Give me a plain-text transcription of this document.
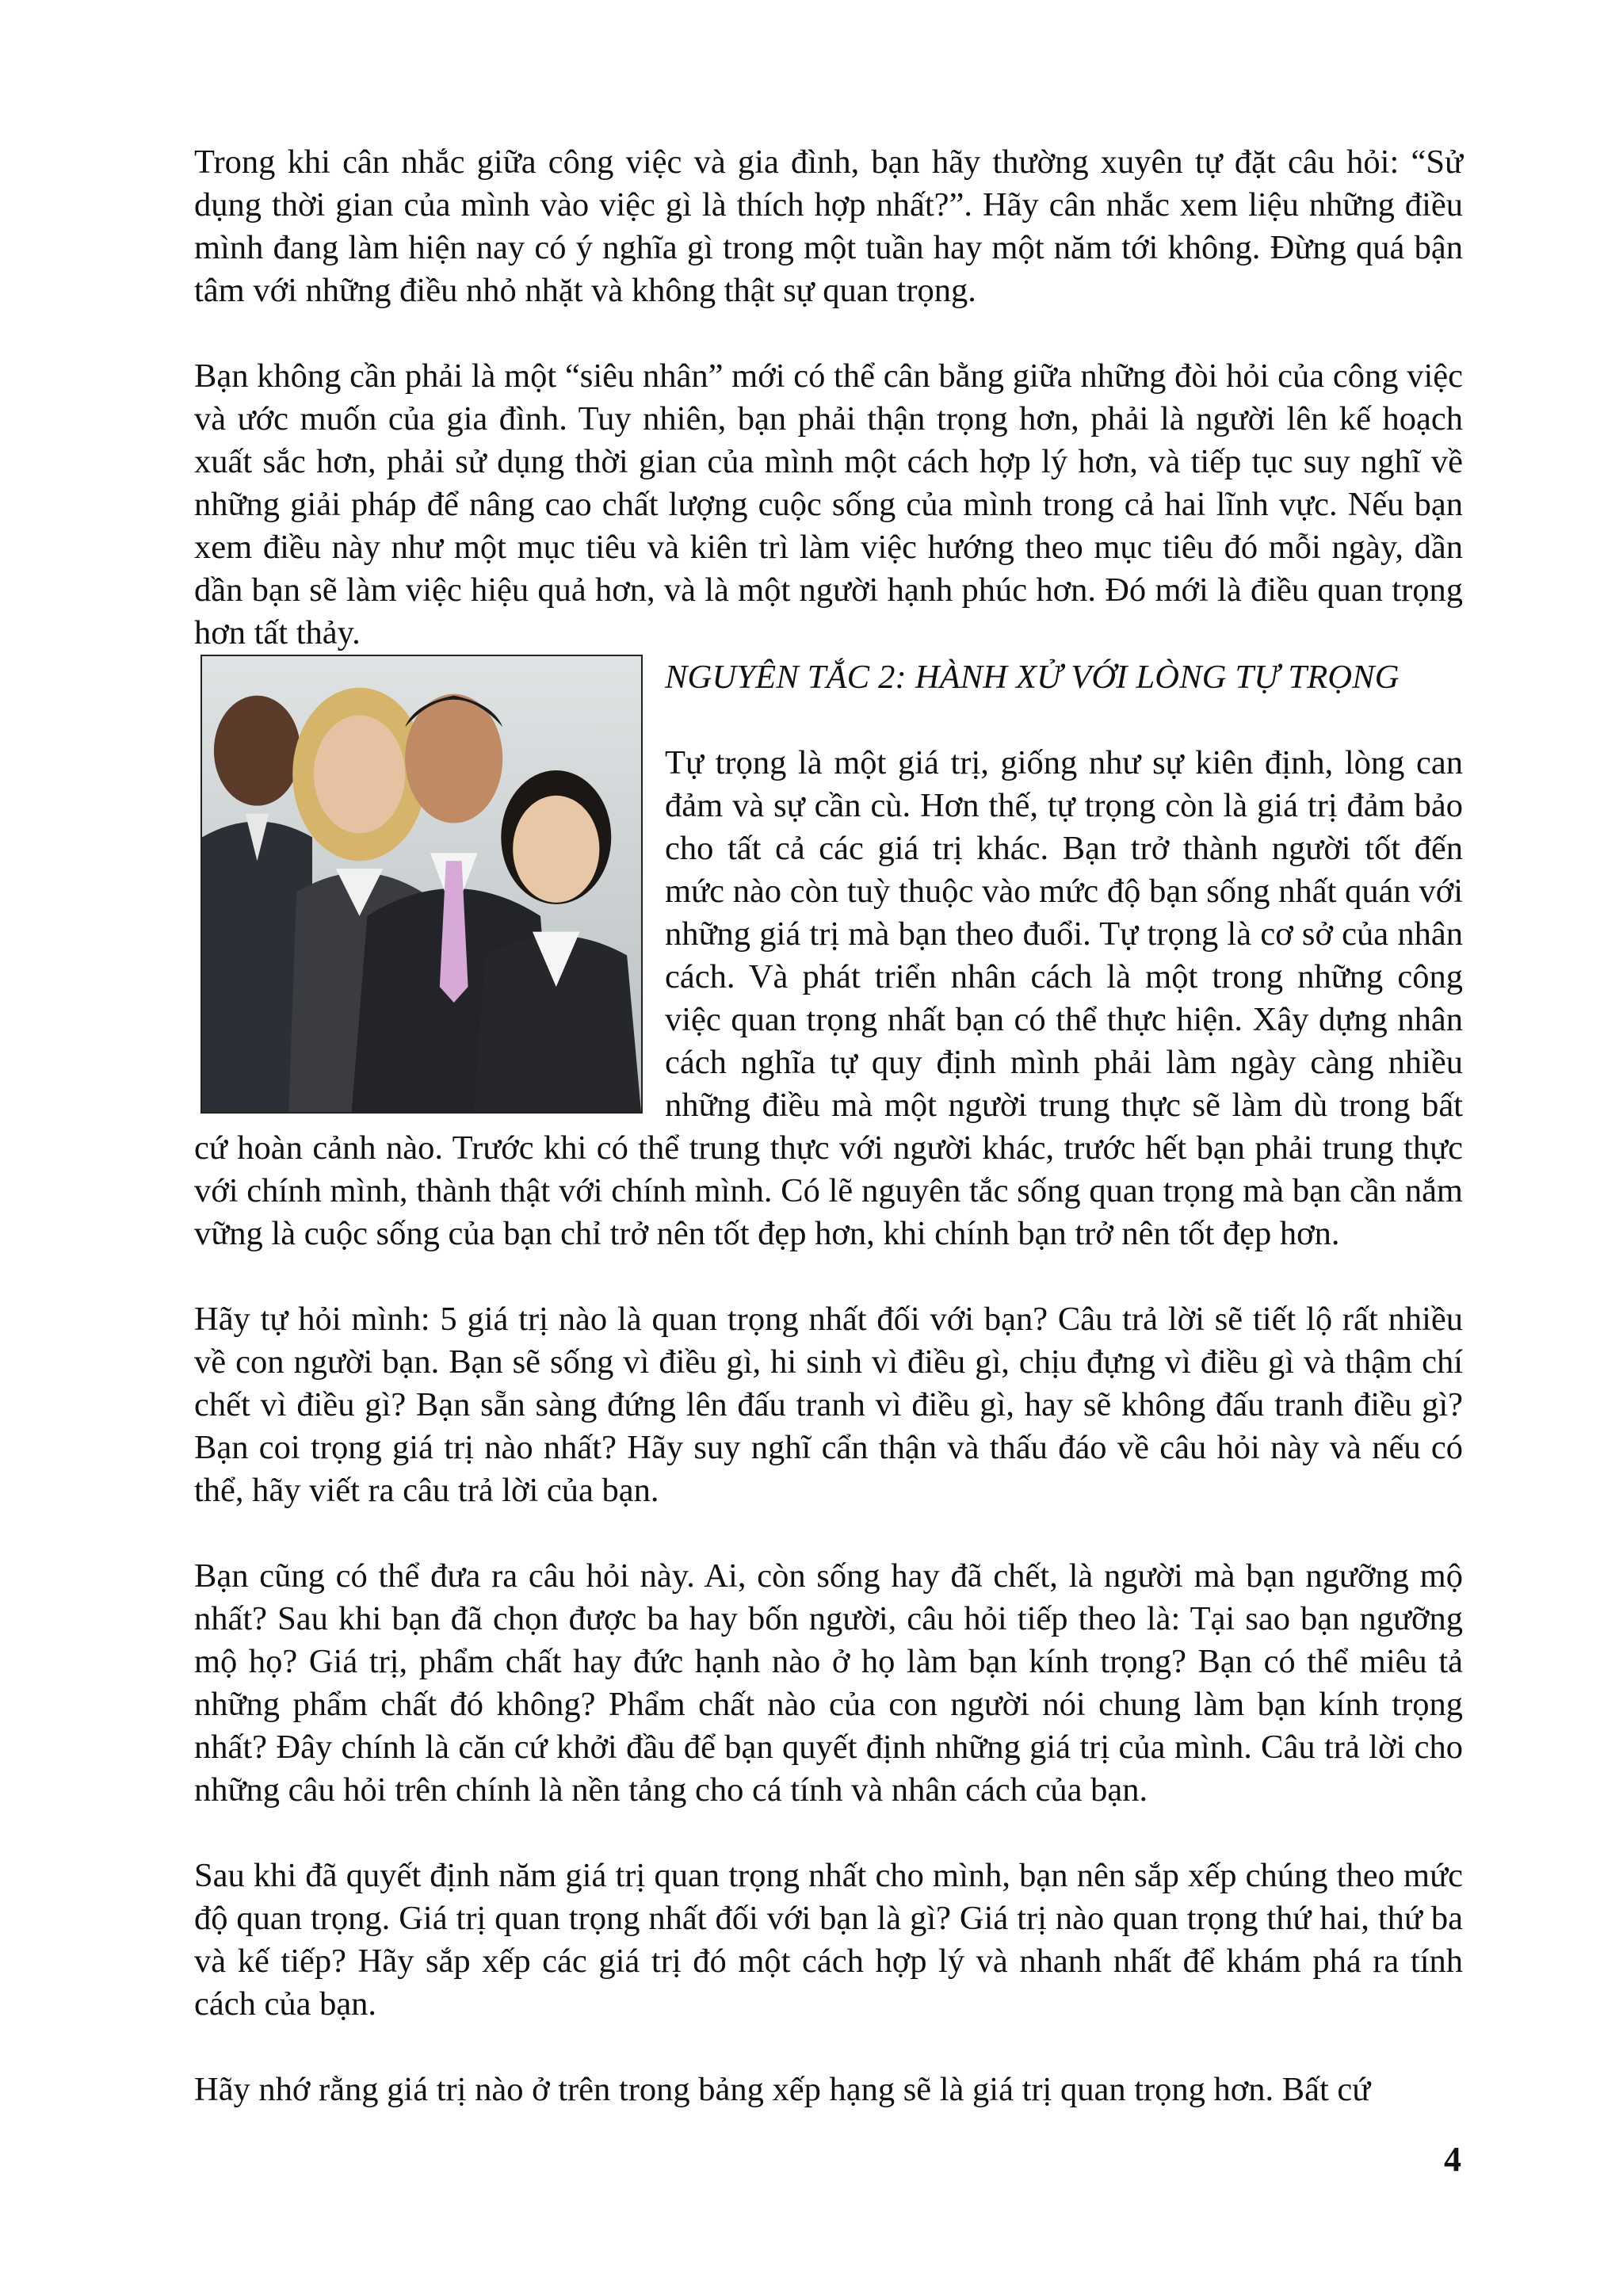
Trong khi cân nhắc giữa công việc và gia đình, bạn hãy thường xuyên tự đặt câu hỏi: “Sử dụng thời gian của mình vào việc gì là thích hợp nhất?”. Hãy cân nhắc xem liệu những điều mình đang làm hiện nay có ý nghĩa gì trong một tuần hay một năm tới không. Đừng quá bận tâm với những điều nhỏ nhặt và không thật sự quan trọng.

Bạn không cần phải là một “siêu nhân” mới có thể cân bằng giữa những đòi hỏi của công việc và ước muốn của gia đình. Tuy nhiên, bạn phải thận trọng hơn, phải là người lên kế hoạch xuất sắc hơn, phải sử dụng thời gian của mình một cách hợp lý hơn, và tiếp tục suy nghĩ về những giải pháp để nâng cao chất lượng cuộc sống của mình trong cả hai lĩnh vực. Nếu bạn xem điều này như một mục tiêu và kiên trì làm việc hướng theo mục tiêu đó mỗi ngày, dần dần bạn sẽ làm việc hiệu quả hơn, và là một người hạnh phúc hơn. Đó mới là điều quan trọng hơn tất thảy.

NGUYÊN TẮC 2: HÀNH XỬ VỚI LÒNG TỰ TRỌNG

Tự trọng là một giá trị, giống như sự kiên định, lòng can đảm và sự cần cù. Hơn thế, tự trọng còn là giá trị đảm bảo cho tất cả các giá trị khác. Bạn trở thành người tốt đến mức nào còn tuỳ thuộc vào mức độ bạn sống nhất quán với những giá trị mà bạn theo đuổi. Tự trọng là cơ sở của nhân cách. Và phát triển nhân cách là một trong những công việc quan trọng nhất bạn có thể thực hiện. Xây dựng nhân cách nghĩa tự quy định mình phải làm ngày càng nhiều những điều mà một người trung thực sẽ làm dù trong bất cứ hoàn cảnh nào. Trước khi có thể trung thực với người khác, trước hết bạn phải trung thực với chính mình, thành thật với chính mình. Có lẽ nguyên tắc sống quan trọng mà bạn cần nắm vững là cuộc sống của bạn chỉ trở nên tốt đẹp hơn, khi chính bạn trở nên tốt đẹp hơn.

Hãy tự hỏi mình: 5 giá trị nào là quan trọng nhất đối với bạn? Câu trả lời sẽ tiết lộ rất nhiều về con người bạn. Bạn sẽ sống vì điều gì, hi sinh vì điều gì, chịu đựng vì điều gì và thậm chí chết vì điều gì? Bạn sẵn sàng đứng lên đấu tranh vì điều gì, hay sẽ không đấu tranh điều gì? Bạn coi trọng giá trị nào nhất? Hãy suy nghĩ cẩn thận và thấu đáo về câu hỏi này và nếu có thể, hãy viết ra câu trả lời của bạn.

Bạn cũng có thể đưa ra câu hỏi này. Ai, còn sống hay đã chết, là người mà bạn ngưỡng mộ nhất? Sau khi bạn đã chọn được ba hay bốn người, câu hỏi tiếp theo là: Tại sao bạn ngưỡng mộ họ? Giá trị, phẩm chất hay đức hạnh nào ở họ làm bạn kính trọng? Bạn có thể miêu tả những phẩm chất đó không? Phẩm chất nào của con người nói chung làm bạn kính trọng nhất? Đây chính là căn cứ khởi đầu để bạn quyết định những giá trị của mình. Câu trả lời cho những câu hỏi trên chính là nền tảng cho cá tính và nhân cách của bạn.

Sau khi đã quyết định năm giá trị quan trọng nhất cho mình, bạn nên sắp xếp chúng theo mức độ quan trọng. Giá trị quan trọng nhất đối với bạn là gì? Giá trị nào quan trọng thứ hai, thứ ba và kế tiếp? Hãy sắp xếp các giá trị đó một cách hợp lý và nhanh nhất để khám phá ra tính cách của bạn.

Hãy nhớ rằng giá trị nào ở trên trong bảng xếp hạng sẽ là giá trị quan trọng hơn. Bất cứ

4
